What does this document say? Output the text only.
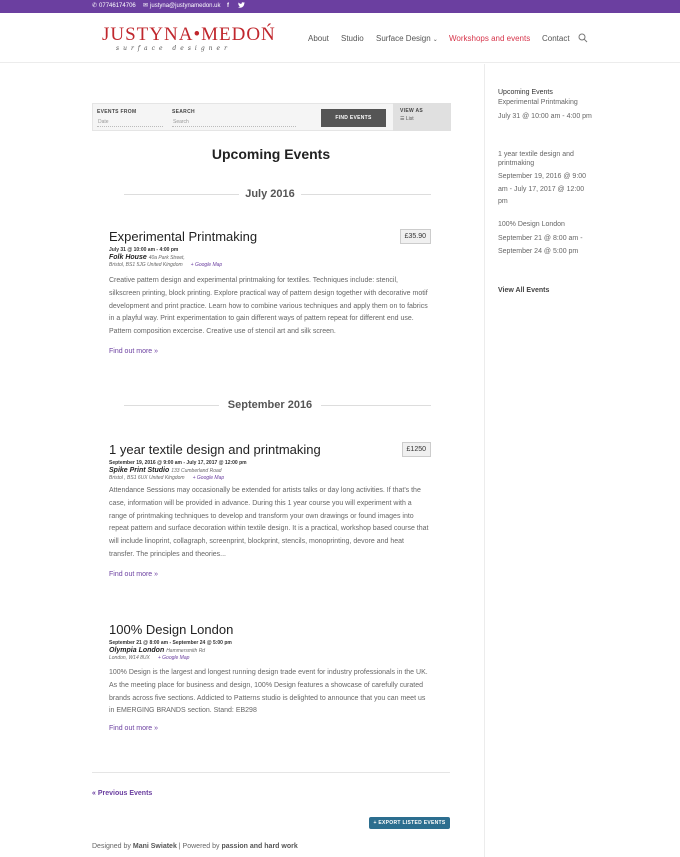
✆ 07746174706 ✉ justyna@justynamedon.uk f
JUSTYNA•MEDOŃ
surface designer
About Studio Surface Design ⌄ Workshops and events Contact
EVENTS FROM
Date
SEARCH
Search
FIND EVENTS
VIEW AS
☰ List
Upcoming Events
July 2016
Experimental Printmaking	£35.90
July 31 @ 10:00 am - 4:00 pm
Folk House 40a Park Street,
Bristol, BS1 5JG United Kingdom + Google Map
Creative pattern design and experimental printmaking for textiles. Techniques include: stencil, silkscreen printing, block printing. Explore practical way of pattern design together with decorative motif development and print practice. Learn how to combine various techniques and apply them on to fabrics in a playful way. Print experimentation to gain different ways of pattern repeat for different end use. Pattern composition excercise. Creative use of stencil art and silk screen.
Find out more »
September 2016
1 year textile design and printmaking	£1250
September 19, 2016 @ 9:00 am - July 17, 2017 @ 12:00 pm
Spike Print Studio 133 Cumberland Road
Bristol , BS1 6UX United Kingdom + Google Map
Attendance Sessions may occasionally be extended for artists talks or day long activities. If that's the case, information will be provided in advance. During this 1 year course you will experiment with a range of printmaking techniques to develop and transform your own drawings or found images into repeat pattern and surface decoration within textile design. It is a practical, workshop based course that will include linoprint, collagraph, screenprint, blockprint, stencils, monoprinting, devore and heat transfer. The principles and theories...
Find out more »
100% Design London
September 21 @ 8:00 am - September 24 @ 5:00 pm
Olympia London Hammersmith Rd
London, W14 8UX + Google Map
100% Design is the largest and longest running design trade event for industry professionals in the UK. As the meeting place for business and design, 100% Design features a showcase of carefully curated brands across five sections. Addicted to Patterns studio is delighted to announce that you can meet us in EMERGING BRANDS section. Stand: EB298
Find out more »
« Previous Events
+ EXPORT LISTED EVENTS
Designed by Mani Swiatek | Powered by passion and hard work
Upcoming Events
Experimental Printmaking
July 31 @ 10:00 am - 4:00 pm
1 year textile design and printmaking
September 19, 2016 @ 9:00 am - July 17, 2017 @ 12:00 pm
100% Design London
September 21 @ 8:00 am - September 24 @ 5:00 pm
View All Events
